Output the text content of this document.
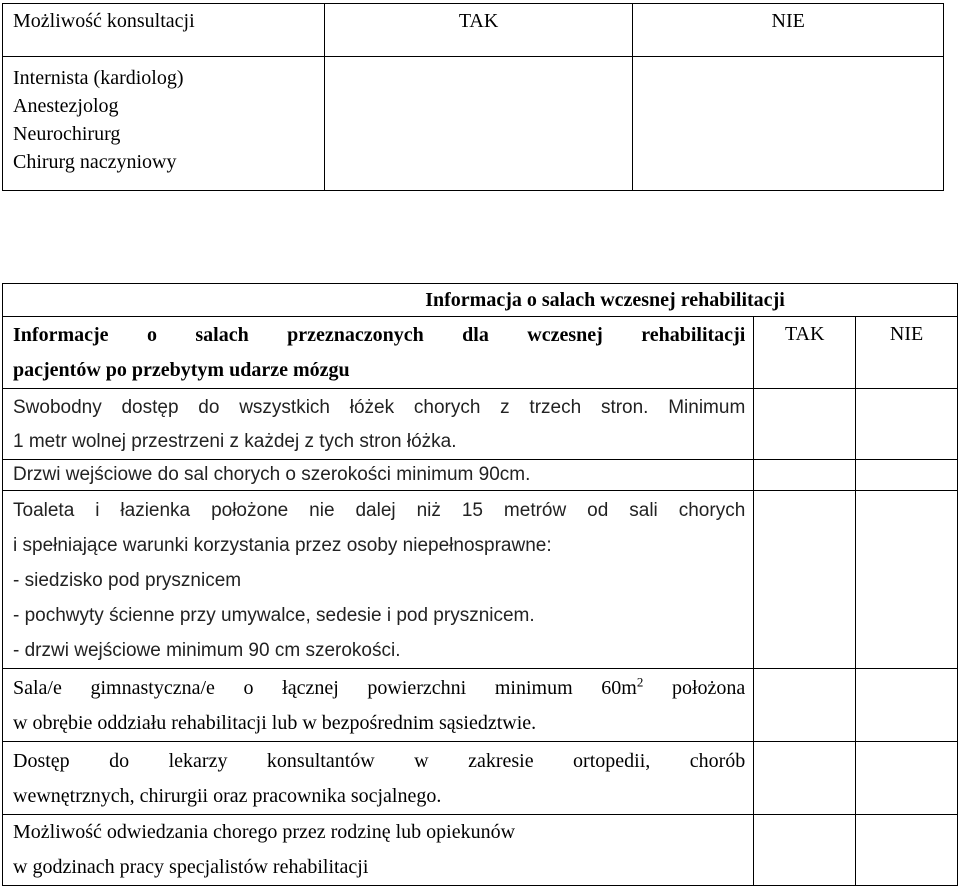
Możliwość konsultacji	TAK	NIE

Internista (kardiolog)
Anestezjolog
Neurochirurg
Chirurg naczyniowy		

Informacja o salach wczesnej rehabilitacji		

Informacje o salach przeznaczonych dla wczesnej rehabilitacji
pacjentów po przebytym udarze mózgu	TAK	NIE

Swobodny dostęp do wszystkich łóżek chorych z trzech stron. Minimum
1 metr wolnej przestrzeni z każdej z tych stron łóżka.		

Drzwi wejściowe do sal chorych o szerokości minimum 90cm.		

Toaleta i łazienka położone nie dalej niż 15 metrów od sali chorych
i spełniające warunki korzystania przez osoby niepełnosprawne:
- siedzisko pod prysznicem
- pochwyty ścienne przy umywalce, sedesie i pod prysznicem.
- drzwi wejściowe minimum 90 cm szerokości.		

Sala/e gimnastyczna/e o łącznej powierzchni minimum $60m^2$ położona
w obrębie oddziału rehabilitacji lub w bezpośrednim sąsiedztwie.		

Dostęp do lekarzy konsultantów w zakresie ortopedii, chorób
wewnętrznych, chirurgii oraz pracownika socjalnego.		

Możliwość odwiedzania chorego przez rodzinę lub opiekunów
w godzinach pracy specjalistów rehabilitacji		
